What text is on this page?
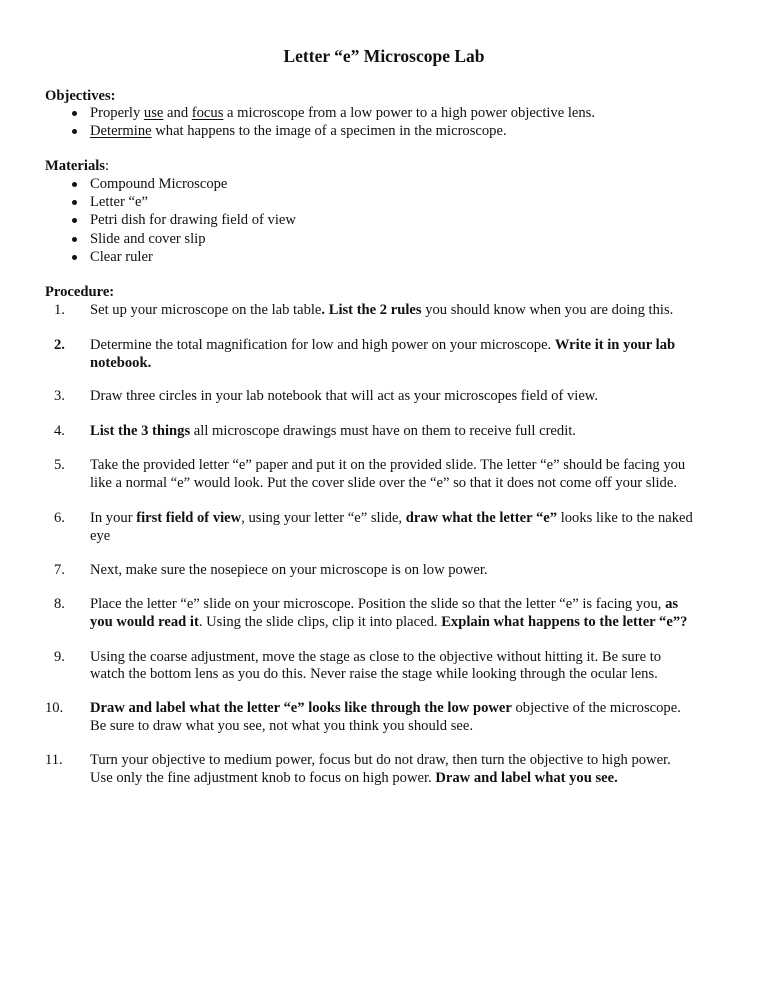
Letter “e” Microscope Lab
Objectives:
Properly use and focus a microscope from a low power to a high power objective lens.
Determine what happens to the image of a specimen in the microscope.
Materials:
Compound Microscope
Letter “e”
Petri dish for drawing field of view
Slide and cover slip
Clear ruler
Procedure:
1. Set up your microscope on the lab table. List the 2 rules you should know when you are doing this.
2. Determine the total magnification for low and high power on your microscope. Write it in your lab
notebook.
3. Draw three circles in your lab notebook that will act as your microscopes field of view.
4. List the 3 things all microscope drawings must have on them to receive full credit.
5. Take the provided letter “e” paper and put it on the provided slide. The letter “e” should be facing you
like a normal “e” would look. Put the cover slide over the “e” so that it does not come off your slide.
6. In your first field of view, using your letter “e” slide, draw what the letter “e” looks like to the naked
eye
7. Next, make sure the nosepiece on your microscope is on low power.
8. Place the letter “e” slide on your microscope. Position the slide so that the letter “e” is facing you, as
you would read it. Using the slide clips, clip it into placed. Explain what happens to the letter “e”?
9. Using the coarse adjustment, move the stage as close to the objective without hitting it. Be sure to
watch the bottom lens as you do this. Never raise the stage while looking through the ocular lens.
10. Draw and label what the letter “e” looks like through the low power objective of the microscope.
Be sure to draw what you see, not what you think you should see.
11. Turn your objective to medium power, focus but do not draw, then turn the objective to high power.
Use only the fine adjustment knob to focus on high power. Draw and label what you see.
